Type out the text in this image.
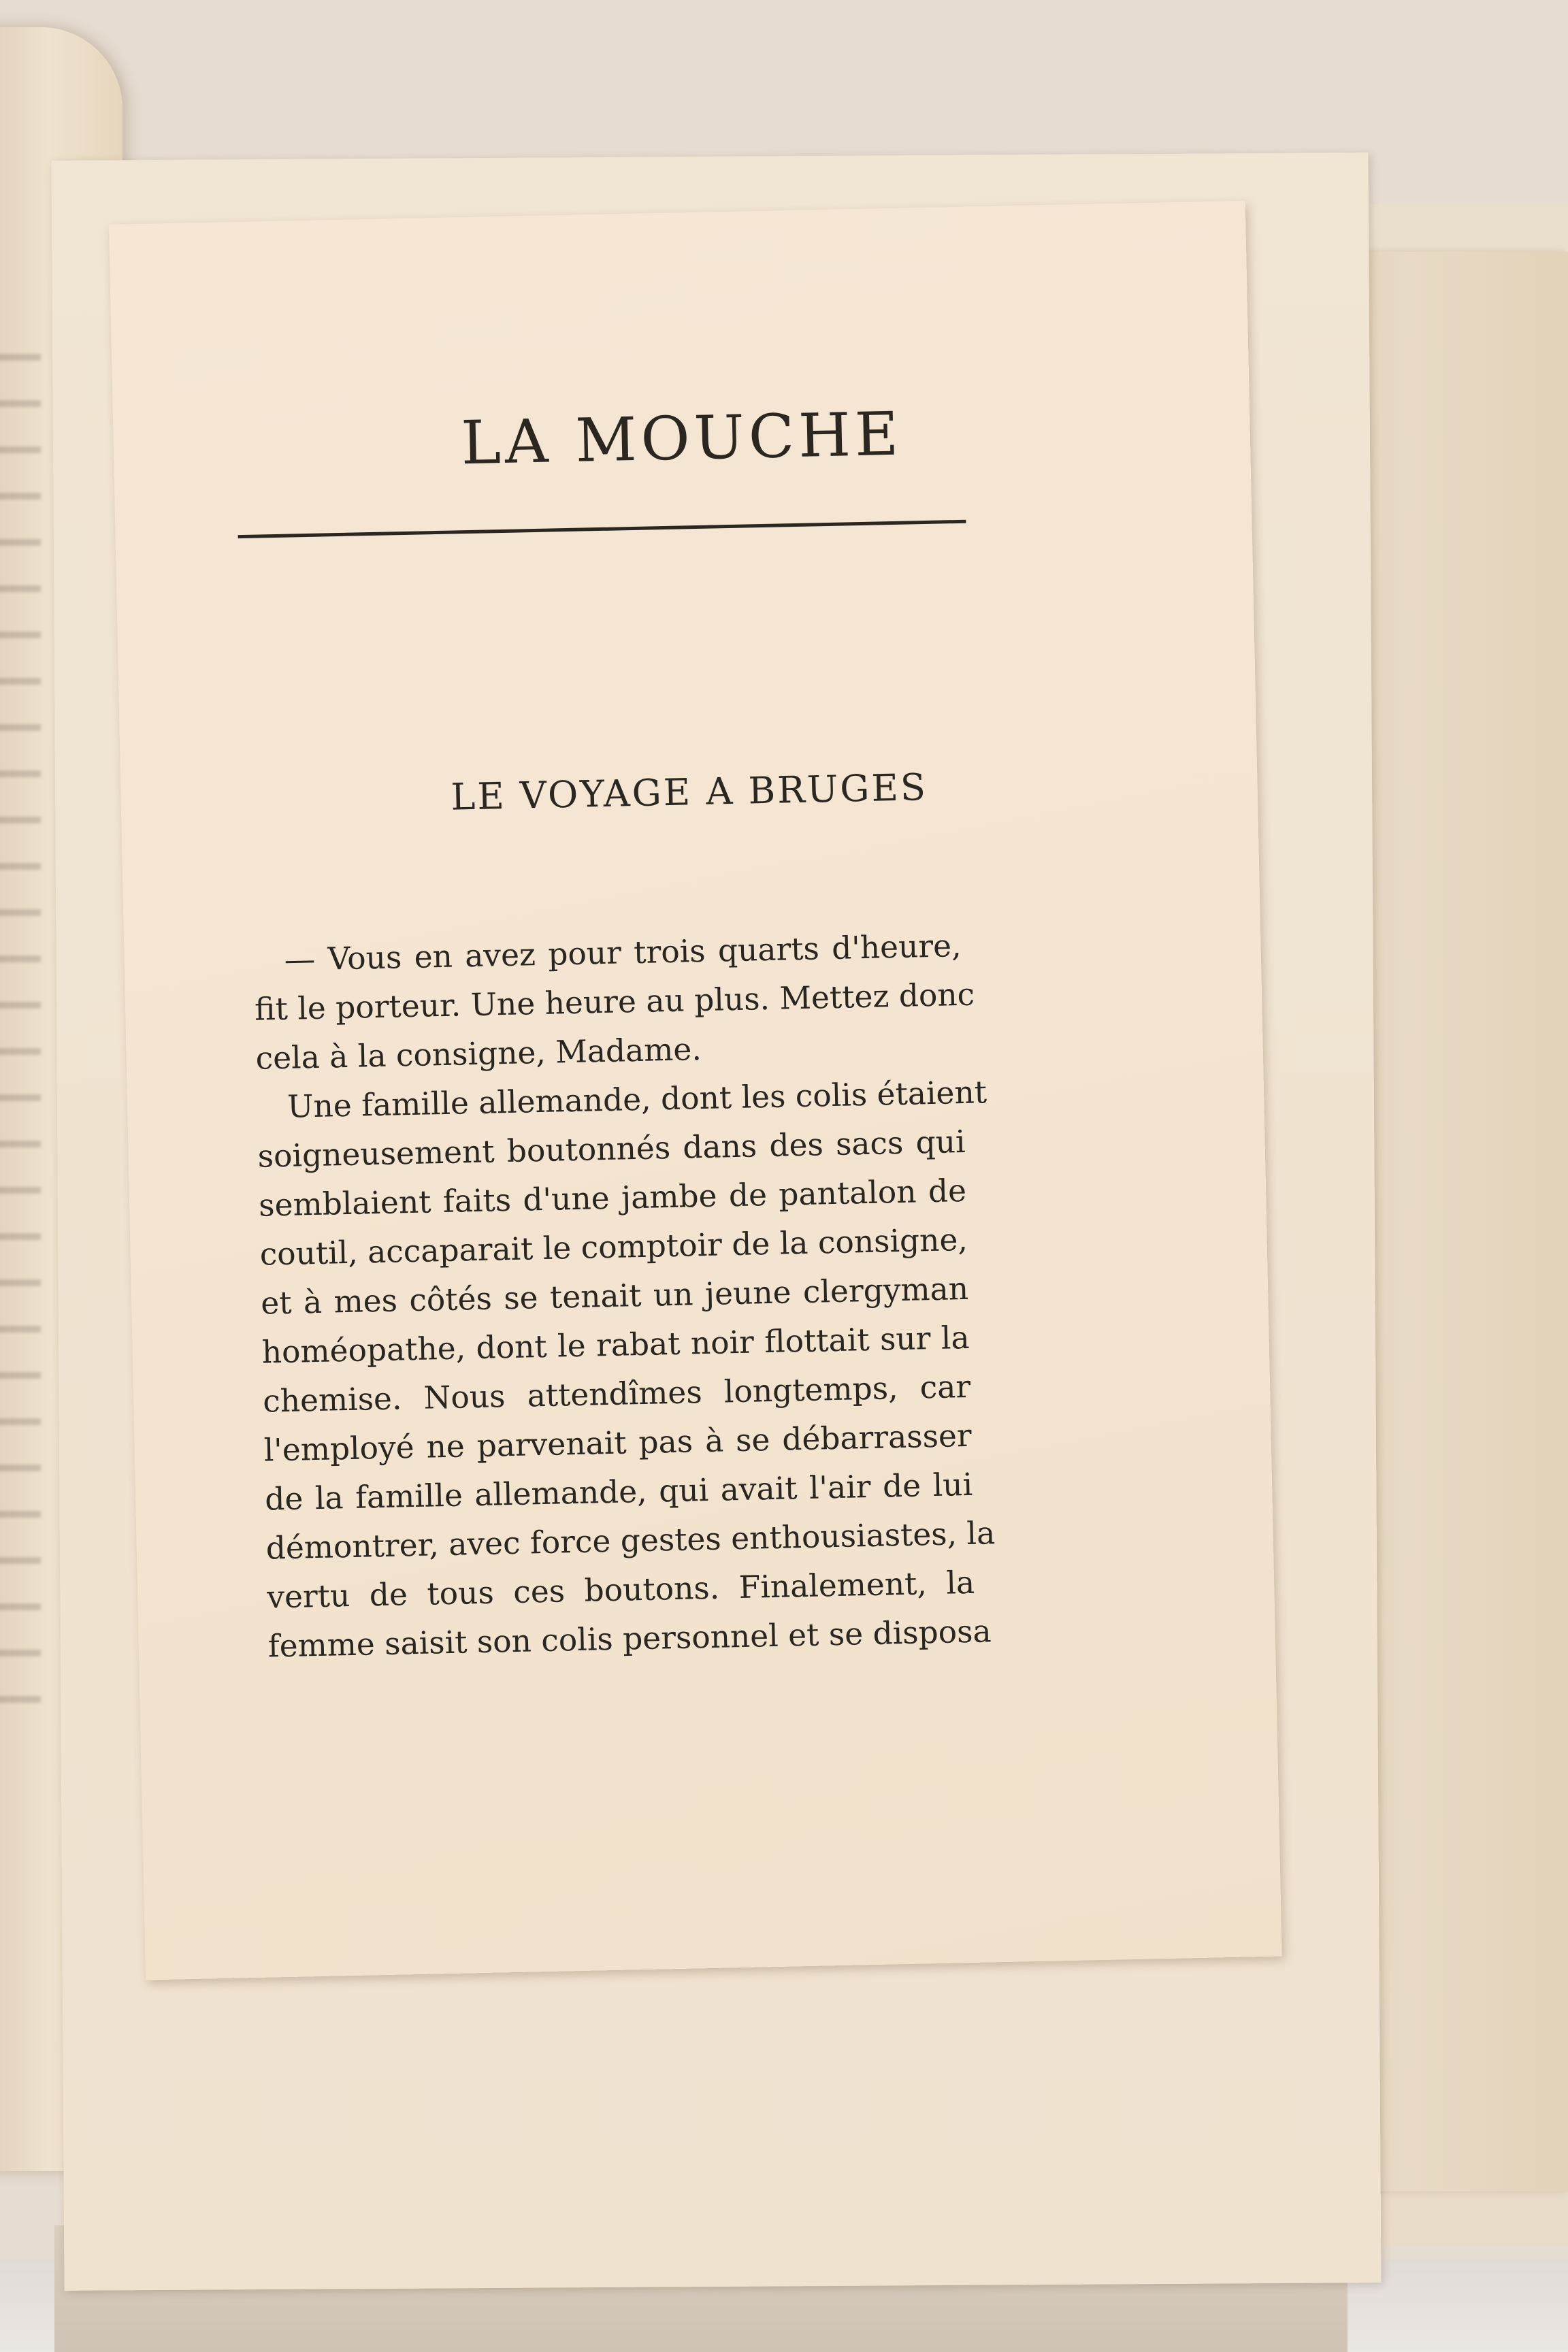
LA MOUCHE
LE VOYAGE A BRUGES
— Vous en avez pour trois quarts d'heure,
fit le porteur. Une heure au plus. Mettez donc
cela à la consigne, Madame.
Une famille allemande, dont les colis étaient
soigneusement boutonnés dans des sacs qui
semblaient faits d'une jambe de pantalon de
coutil, accaparait le comptoir de la consigne,
et à mes côtés se tenait un jeune clergyman
homéopathe, dont le rabat noir flottait sur la
chemise. Nous attendîmes longtemps, car
l'employé ne parvenait pas à se débarrasser
de la famille allemande, qui avait l'air de lui
démontrer, avec force gestes enthousiastes, la
vertu de tous ces boutons. Finalement, la
femme saisit son colis personnel et se disposa
